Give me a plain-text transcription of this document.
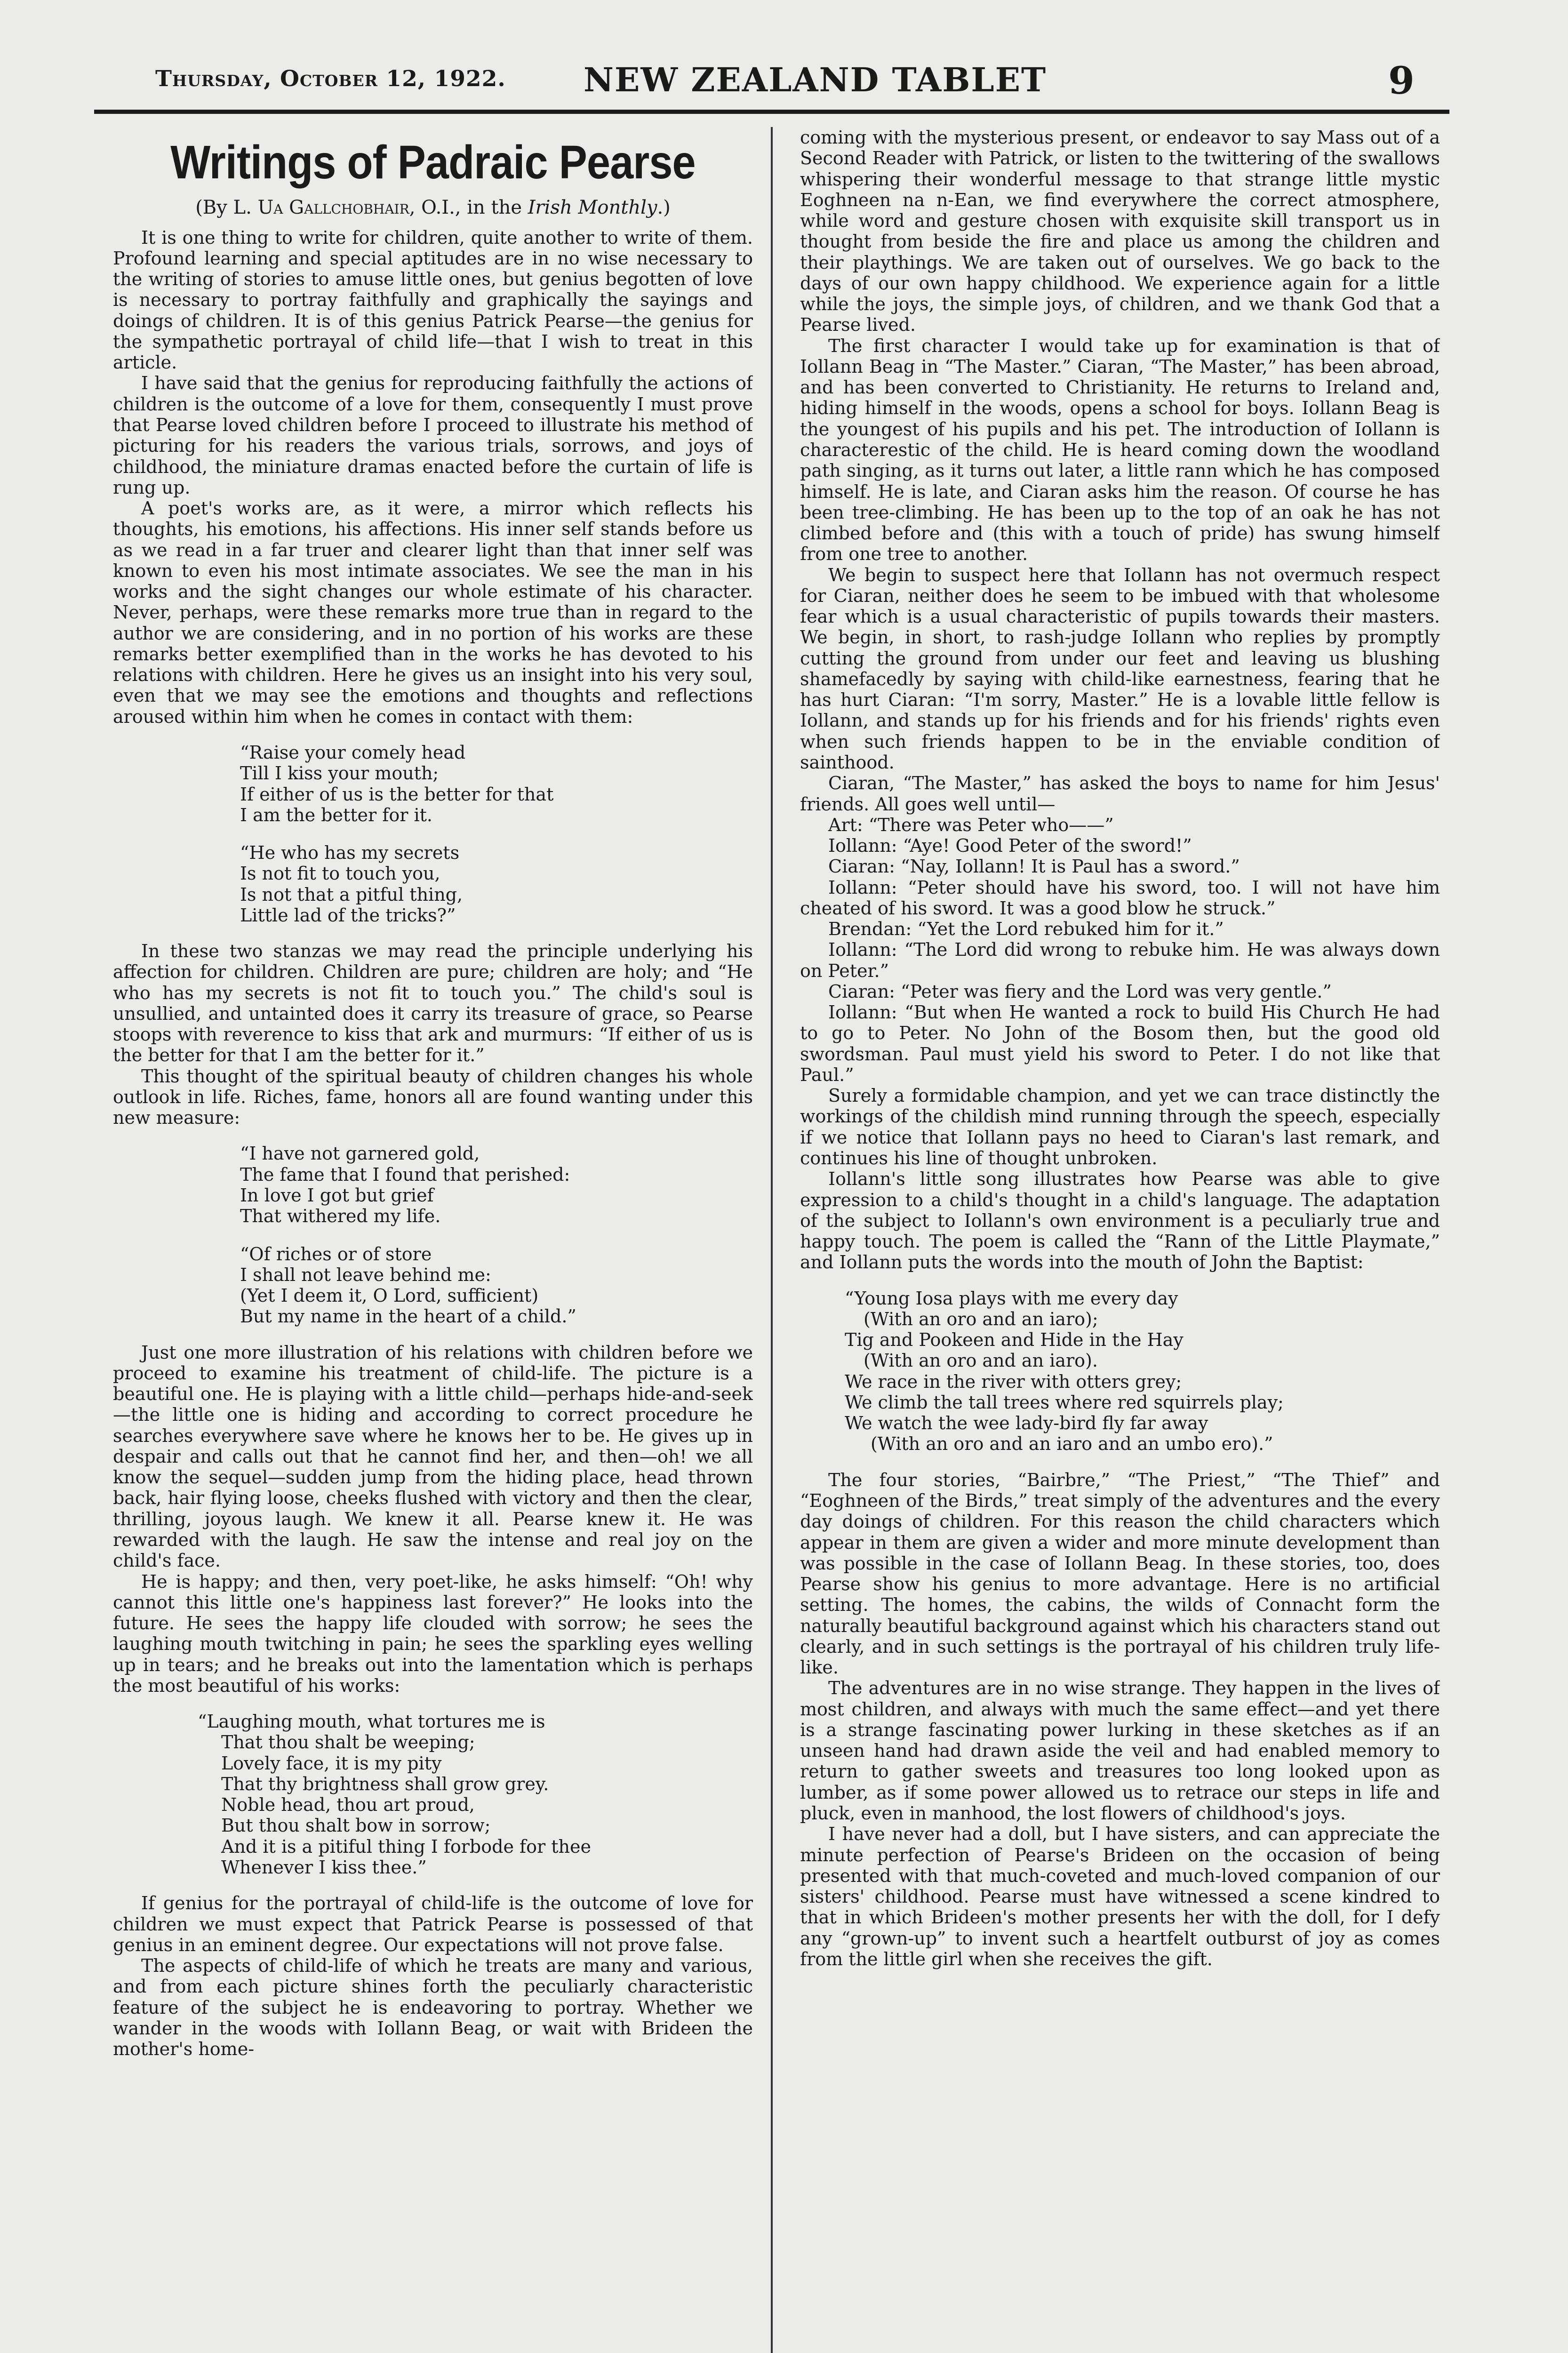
Thursday, October 12, 1922. NEW ZEALAND TABLET	9
Writings of Padraic Pearse
(By L. Ua Gallchobhair, O.I., in the Irish Monthly.)

It is one thing to write for children, quite another to write of them. Profound learning and special aptitudes are in no wise necessary to the writing of stories to amuse little ones, but genius begotten of love is necessary to portray faithfully and graphically the sayings and doings of children. It is of this genius Patrick Pearse—the genius for the sympathetic portrayal of child life—that I wish to treat in this article.

I have said that the genius for reproducing faithfully the actions of children is the outcome of a love for them, consequently I must prove that Pearse loved children before I proceed to illustrate his method of picturing for his readers the various trials, sorrows, and joys of childhood, the miniature dramas enacted before the curtain of life is rung up.

A poet's works are, as it were, a mirror which reflects his thoughts, his emotions, his affections. His inner self stands before us as we read in a far truer and clearer light than that inner self was known to even his most intimate associates. We see the man in his works and the sight changes our whole estimate of his character. Never, perhaps, were these remarks more true than in regard to the author we are considering, and in no portion of his works are these remarks better exemplified than in the works he has devoted to his relations with children. Here he gives us an insight into his very soul, even that we may see the emotions and thoughts and reflections aroused within him when he comes in contact with them:

“Raise your comely head
Till I kiss your mouth;
If either of us is the better for that
I am the better for it.
“He who has my secrets
Is not fit to touch you,
Is not that a pitful thing,
Little lad of the tricks?”

In these two stanzas we may read the principle underlying his affection for children. Children are pure; children are holy; and “He who has my secrets is not fit to touch you.” The child's soul is unsullied, and untainted does it carry its treasure of grace, so Pearse stoops with reverence to kiss that ark and murmurs: “If either of us is the better for that I am the better for it.”

This thought of the spiritual beauty of children changes his whole outlook in life. Riches, fame, honors all are found wanting under this new measure:

“I have not garnered gold,
The fame that I found that perished:
In love I got but grief
That withered my life.
“Of riches or of store
I shall not leave behind me:
(Yet I deem it, O Lord, sufficient)
But my name in the heart of a child.”

Just one more illustration of his relations with children before we proceed to examine his treatment of child-life. The picture is a beautiful one. He is playing with a little child—perhaps hide-and-seek—the little one is hiding and according to correct procedure he searches everywhere save where he knows her to be. He gives up in despair and calls out that he cannot find her, and then—oh! we all know the sequel—sudden jump from the hiding place, head thrown back, hair flying loose, cheeks flushed with victory and then the clear, thrilling, joyous laugh. We knew it all. Pearse knew it. He was rewarded with the laugh. He saw the intense and real joy on the child's face.

He is happy; and then, very poet-like, he asks himself: “Oh! why cannot this little one's happiness last forever?” He looks into the future. He sees the happy life clouded with sorrow; he sees the laughing mouth twitching in pain; he sees the sparkling eyes welling up in tears; and he breaks out into the lamentation which is perhaps the most beautiful of his works:

“Laughing mouth, what tortures me is
That thou shalt be weeping;
Lovely face, it is my pity
That thy brightness shall grow grey.
Noble head, thou art proud,
But thou shalt bow in sorrow;
And it is a pitiful thing I forbode for thee
Whenever I kiss thee.”

If genius for the portrayal of child-life is the outcome of love for children we must expect that Patrick Pearse is possessed of that genius in an eminent degree. Our expectations will not prove false.

The aspects of child-life of which he treats are many and various, and from each picture shines forth the peculiarly characteristic feature of the subject he is endeavoring to portray. Whether we wander in the woods with Iollann Beag, or wait with Brideen the mother's home-

coming with the mysterious present, or endeavor to say Mass out of a Second Reader with Patrick, or listen to the twittering of the swallows whispering their wonderful message to that strange little mystic Eoghneen na n-Ean, we find everywhere the correct atmosphere, while word and gesture chosen with exquisite skill transport us in thought from beside the fire and place us among the children and their playthings. We are taken out of ourselves. We go back to the days of our own happy childhood. We experience again for a little while the joys, the simple joys, of children, and we thank God that a Pearse lived.

The first character I would take up for examination is that of Iollann Beag in “The Master.” Ciaran, “The Master,” has been abroad, and has been converted to Christianity. He returns to Ireland and, hiding himself in the woods, opens a school for boys. Iollann Beag is the youngest of his pupils and his pet. The introduction of Iollann is characterestic of the child. He is heard coming down the woodland path singing, as it turns out later, a little rann which he has composed himself. He is late, and Ciaran asks him the reason. Of course he has been tree-climbing. He has been up to the top of an oak he has not climbed before and (this with a touch of pride) has swung himself from one tree to another.

We begin to suspect here that Iollann has not overmuch respect for Ciaran, neither does he seem to be imbued with that wholesome fear which is a usual characteristic of pupils towards their masters. We begin, in short, to rash-judge Iollann who replies by promptly cutting the ground from under our feet and leaving us blushing shamefacedly by saying with child-like earnestness, fearing that he has hurt Ciaran: “I'm sorry, Master.” He is a lovable little fellow is Iollann, and stands up for his friends and for his friends' rights even when such friends happen to be in the enviable condition of sainthood.

Ciaran, “The Master,” has asked the boys to name for him Jesus' friends. All goes well until—

Art: “There was Peter who——”

Iollann: “Aye! Good Peter of the sword!”

Ciaran: “Nay, Iollann! It is Paul has a sword.”

Iollann: “Peter should have his sword, too. I will not have him cheated of his sword. It was a good blow he struck.”

Brendan: “Yet the Lord rebuked him for it.”

Iollann: “The Lord did wrong to rebuke him. He was always down on Peter.”

Ciaran: “Peter was fiery and the Lord was very gentle.”

Iollann: “But when He wanted a rock to build His Church He had to go to Peter. No John of the Bosom then, but the good old swordsman. Paul must yield his sword to Peter. I do not like that Paul.”

Surely a formidable champion, and yet we can trace distinctly the workings of the childish mind running through the speech, especially if we notice that Iollann pays no heed to Ciaran's last remark, and continues his line of thought unbroken.

Iollann's little song illustrates how Pearse was able to give expression to a child's thought in a child's language. The adaptation of the subject to Iollann's own environment is a peculiarly true and happy touch. The poem is called the “Rann of the Little Playmate,” and Iollann puts the words into the mouth of John the Baptist:

“Young Iosa plays with me every day
(With an oro and an iaro);
Tig and Pookeen and Hide in the Hay
(With an oro and an iaro).
We race in the river with otters grey;
We climb the tall trees where red squirrels play;
We watch the wee lady-bird fly far away
(With an oro and an iaro and an umbo ero).”

The four stories, “Bairbre,” “The Priest,” “The Thief” and “Eoghneen of the Birds,” treat simply of the adventures and the every day doings of children. For this reason the child characters which appear in them are given a wider and more minute development than was possible in the case of Iollann Beag. In these stories, too, does Pearse show his genius to more advantage. Here is no artificial setting. The homes, the cabins, the wilds of Connacht form the naturally beautiful background against which his characters stand out clearly, and in such settings is the portrayal of his children truly life-like.

The adventures are in no wise strange. They happen in the lives of most children, and always with much the same effect—and yet there is a strange fascinating power lurking in these sketches as if an unseen hand had drawn aside the veil and had enabled memory to return to gather sweets and treasures too long looked upon as lumber, as if some power allowed us to retrace our steps in life and pluck, even in manhood, the lost flowers of childhood's joys.

I have never had a doll, but I have sisters, and can appreciate the minute perfection of Pearse's Brideen on the occasion of being presented with that much-coveted and much-loved companion of our sisters' childhood. Pearse must have witnessed a scene kindred to that in which Brideen's mother presents her with the doll, for I defy any “grown-up” to invent such a heartfelt outburst of joy as comes from the little girl when she receives the gift.
